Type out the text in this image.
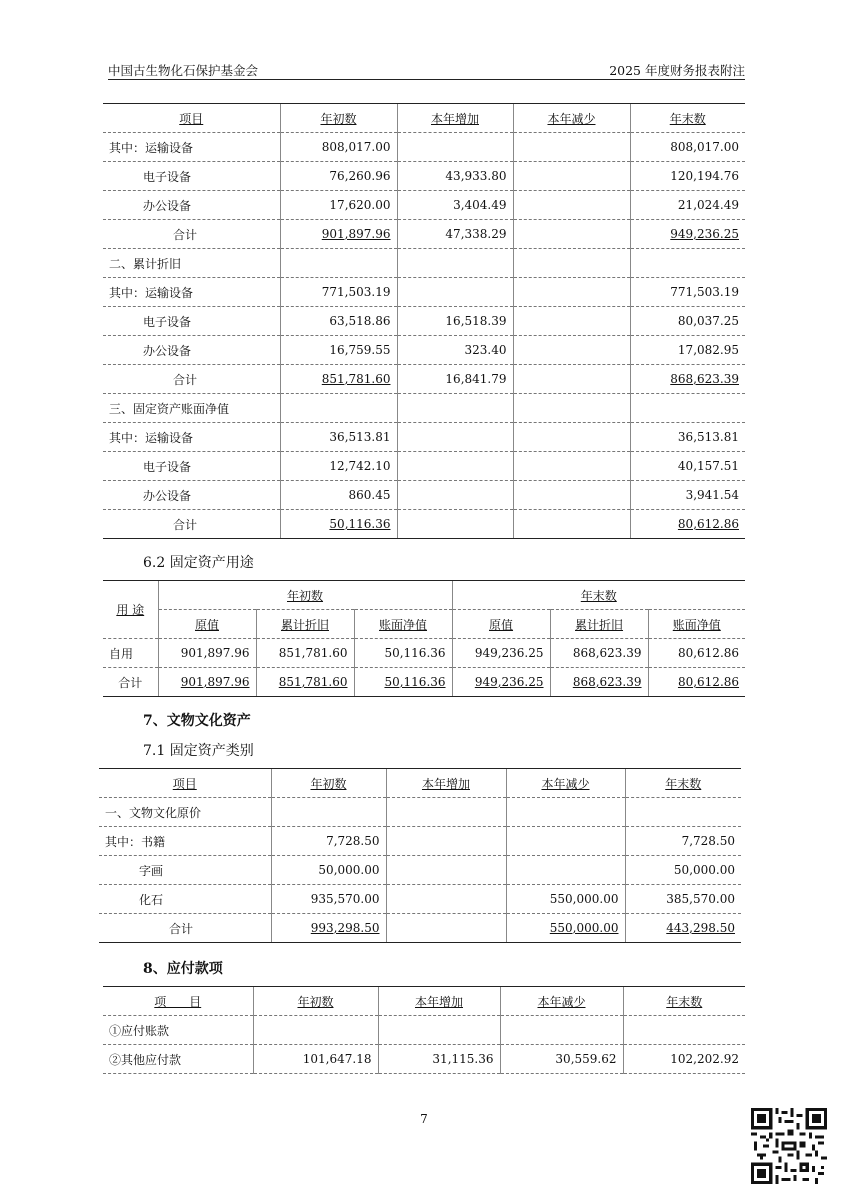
中国古生物化石保护基金会	2025 年度财务报表附注
项目	年初数	本年增加	本年减少	年末数
其中：运输设备	808,017.00			808,017.00
电子设备	76,260.96	43,933.80		120,194.76
办公设备	17,620.00	3,404.49		21,024.49
合计	901,897.96	47,338.29		949,236.25
二、累计折旧				
其中：运输设备	771,503.19			771,503.19
电子设备	63,518.86	16,518.39		80,037.25
办公设备	16,759.55	323.40		17,082.95
合计	851,781.60	16,841.79		868,623.39
三、固定资产账面净值				
其中：运输设备	36,513.81			36,513.81
电子设备	12,742.10			40,157.51
办公设备	860.45			3,941.54
合计	50,116.36			80,612.86
6.2 固定资产用途
用 途	年初数			年末数		
	原值	累计折旧	账面净值	原值	累计折旧	账面净值
自用	901,897.96	851,781.60	50,116.36	949,236.25	868,623.39	80,612.86
合计	901,897.96	851,781.60	50,116.36	949,236.25	868,623.39	80,612.86
7、文物文化资产
7.1 固定资产类别
项目	年初数	本年增加	本年减少	年末数
一、文物文化原价				
其中：书籍	7,728.50			7,728.50
字画	50,000.00			50,000.00
化石	935,570.00		550,000.00	385,570.00
合计	993,298.50		550,000.00	443,298.50
8、应付款项
项      目	年初数	本年增加	本年减少	年末数
①应付账款				
②其他应付款	101,647.18	31,115.36	30,559.62	102,202.92
7
